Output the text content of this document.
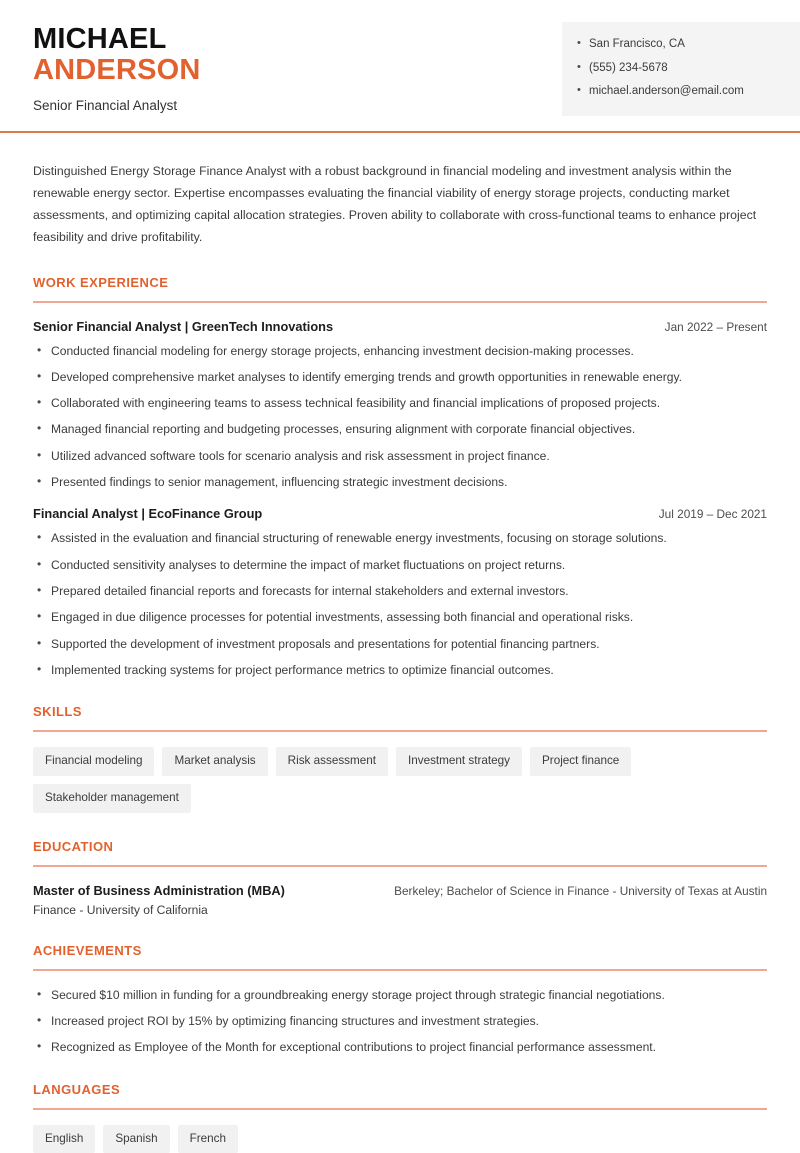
MICHAEL
ANDERSON
Senior Financial Analyst
• San Francisco, CA
• (555) 234-5678
• michael.anderson@email.com
Distinguished Energy Storage Finance Analyst with a robust background in financial modeling and investment analysis within the renewable energy sector. Expertise encompasses evaluating the financial viability of energy storage projects, conducting market assessments, and optimizing capital allocation strategies. Proven ability to collaborate with cross-functional teams to enhance project feasibility and drive profitability.
WORK EXPERIENCE
Senior Financial Analyst | GreenTech Innovations	Jan 2022 – Present
• Conducted financial modeling for energy storage projects, enhancing investment decision-making processes.
• Developed comprehensive market analyses to identify emerging trends and growth opportunities in renewable energy.
• Collaborated with engineering teams to assess technical feasibility and financial implications of proposed projects.
• Managed financial reporting and budgeting processes, ensuring alignment with corporate financial objectives.
• Utilized advanced software tools for scenario analysis and risk assessment in project finance.
• Presented findings to senior management, influencing strategic investment decisions.
Financial Analyst | EcoFinance Group	Jul 2019 – Dec 2021
• Assisted in the evaluation and financial structuring of renewable energy investments, focusing on storage solutions.
• Conducted sensitivity analyses to determine the impact of market fluctuations on project returns.
• Prepared detailed financial reports and forecasts for internal stakeholders and external investors.
• Engaged in due diligence processes for potential investments, assessing both financial and operational risks.
• Supported the development of investment proposals and presentations for potential financing partners.
• Implemented tracking systems for project performance metrics to optimize financial outcomes.
SKILLS
Financial modeling	Market analysis	Risk assessment	Investment strategy	Project finance
Stakeholder management
EDUCATION
Master of Business Administration (MBA)	Berkeley; Bachelor of Science in Finance - University of Texas at Austin
Finance - University of California
ACHIEVEMENTS
• Secured $10 million in funding for a groundbreaking energy storage project through strategic financial negotiations.
• Increased project ROI by 15% by optimizing financing structures and investment strategies.
• Recognized as Employee of the Month for exceptional contributions to project financial performance assessment.
LANGUAGES
English	Spanish	French
